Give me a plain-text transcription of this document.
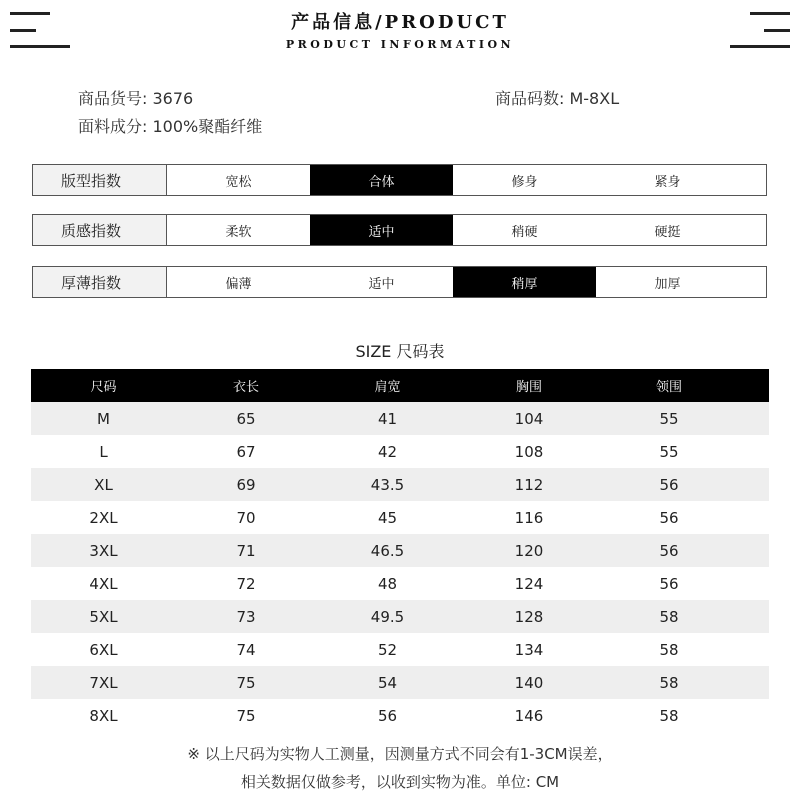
产品信息/PRODUCT
PRODUCT INFORMATION
商品货号: 3676	商品码数: M-8XL
面料成分: 100%聚酯纤维
版型指数	宽松	合体	修身	紧身
质感指数	柔软	适中	稍硬	硬挺
厚薄指数	偏薄	适中	稍厚	加厚
SIZE 尺码表
尺码	衣长	肩宽	胸围	领围
M	65	41	104	55
L	67	42	108	55
XL	69	43.5	112	56
2XL	70	45	116	56
3XL	71	46.5	120	56
4XL	72	48	124	56
5XL	73	49.5	128	58
6XL	74	52	134	58
7XL	75	54	140	58
8XL	75	56	146	58
※ 以上尺码为实物人工测量，因测量方式不同会有1-3CM误差，
相关数据仅做参考，以收到实物为准。单位: CM
